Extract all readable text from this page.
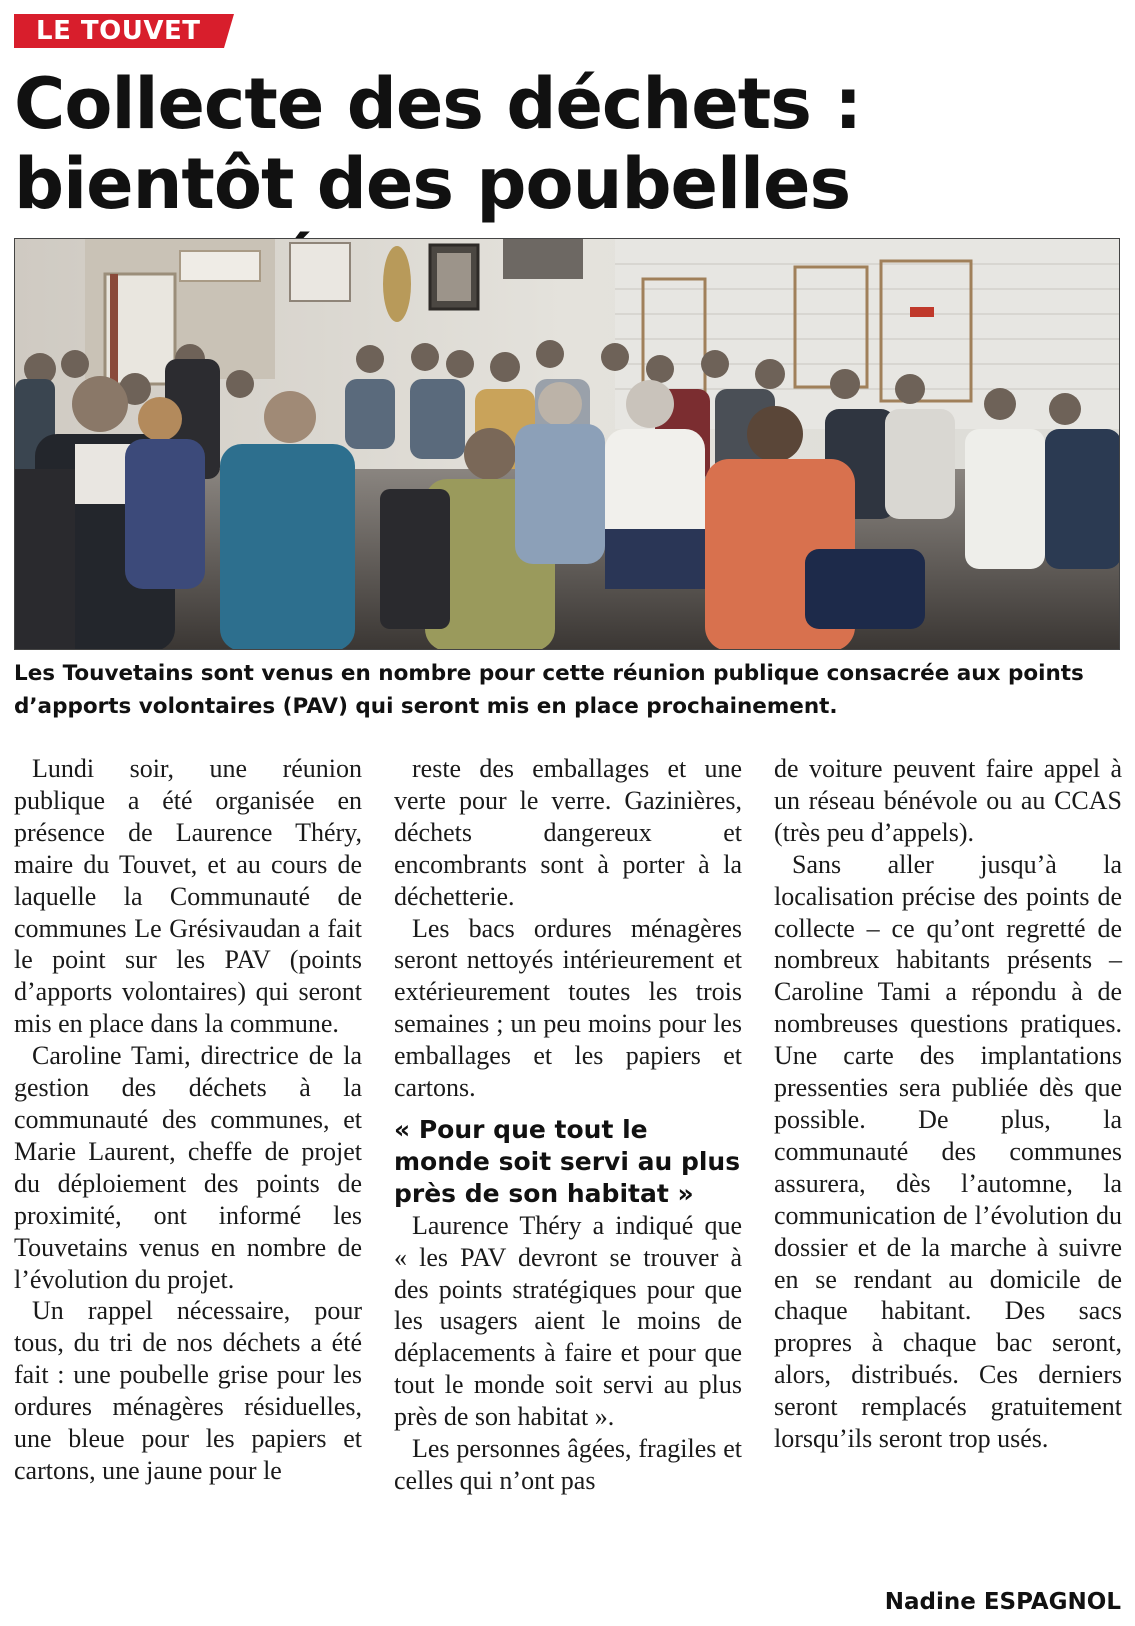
LE TOUVET
Collecte des déchets : bientôt des poubelles
Les Touvetains sont venus en nombre pour cette réunion publique consacrée aux points d’apports volontaires (PAV) qui seront mis en place prochainement.

Lundi soir, une réunion publique a été organisée en présence de Laurence Théry, maire du Touvet, et au cours de laquelle la Communauté de communes Le Grésivaudan a fait le point sur les PAV (points d’apports volontaires) qui seront mis en place dans la commune.

Caroline Tami, directrice de la gestion des déchets à la communauté des communes, et Marie Laurent, cheffe de projet du déploiement des points de proximité, ont informé les Touvetains venus en nombre de l’évolution du projet.

Un rappel nécessaire, pour tous, du tri de nos déchets a été fait : une poubelle grise pour les ordures ménagères résiduelles, une bleue pour les papiers et cartons, une jaune pour le

reste des emballages et une verte pour le verre. Gazinières, déchets dangereux et encombrants sont à porter à la déchetterie.

Les bacs ordures ménagères seront nettoyés intérieurement et extérieurement toutes les trois semaines ; un peu moins pour les emballages et les papiers et cartons.

« Pour que tout le monde soit servi au plus près de son habitat »

Laurence Théry a indiqué que « les PAV devront se trouver à des points stratégiques pour que les usagers aient le moins de déplacements à faire et pour que tout le monde soit servi au plus près de son habitat ».

Les personnes âgées, fragiles et celles qui n’ont pas

de voiture peuvent faire appel à un réseau bénévole ou au CCAS (très peu d’appels).

Sans aller jusqu’à la localisation précise des points de collecte – ce qu’ont regretté de nombreux habitants présents – Caroline Tami a répondu à de nombreuses questions pratiques. Une carte des implantations pressenties sera publiée dès que possible. De plus, la communauté des communes assurera, dès l’automne, la communication de l’évolution du dossier et de la marche à suivre en se rendant au domicile de chaque habitant. Des sacs propres à chaque bac seront, alors, distribués. Ces derniers seront remplacés gratuitement lorsqu’ils seront trop usés.

Nadine ESPAGNOL
